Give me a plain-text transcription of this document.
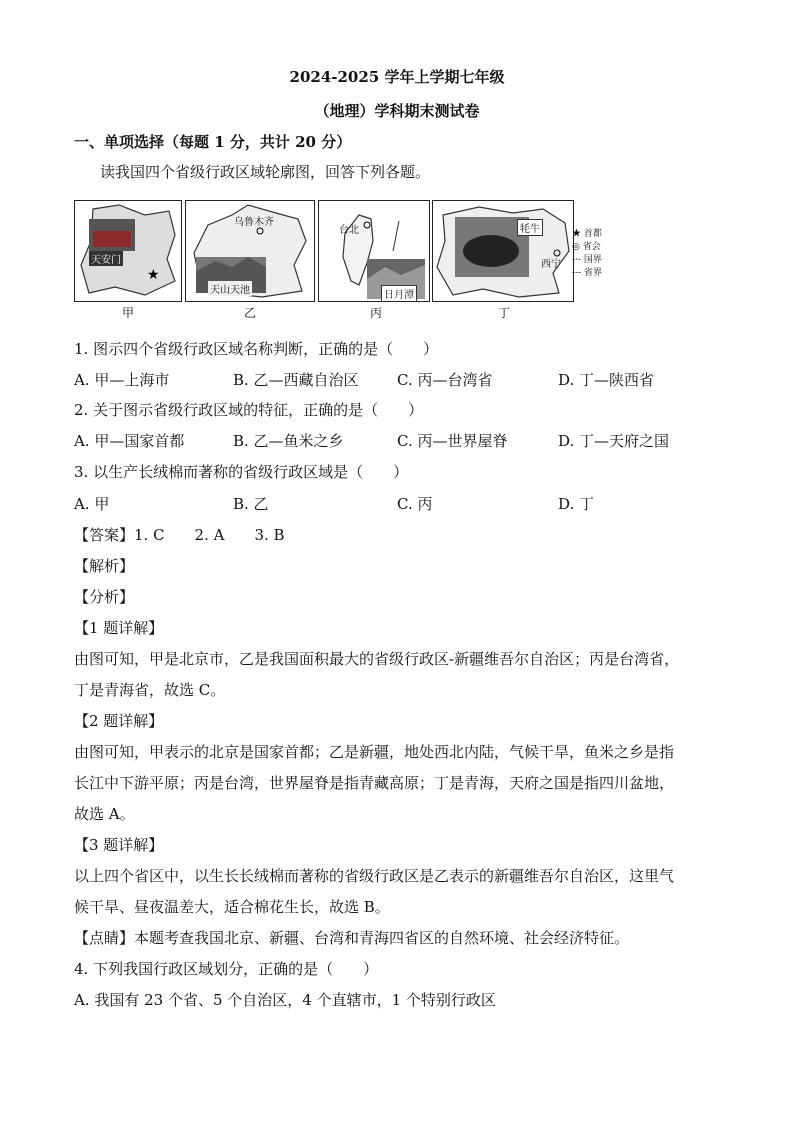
2024-2025 学年上学期七年级
（地理）学科期末测试卷
一、单项选择（每题 1 分，共计 20 分）
读我国四个省级行政区域轮廓图，回答下列各题。
★
天安门
乌鲁木齐
天山天池
台北
日月潭
牦牛
西宁
甲	乙	丙	丁
★ 首都
◎ 省会
-·- 国界
--- 省界
1. 图示四个省级行政区域名称判断，正确的是（　　）
A. 甲—上海市	B. 乙—西藏自治区	C. 丙—台湾省	D. 丁—陕西省
2. 关于图示省级行政区域的特征，正确的是（　　）
A. 甲—国家首都	B. 乙—鱼米之乡	C. 丙—世界屋脊	D. 丁—天府之国
3. 以生产长绒棉而著称的省级行政区域是（　　）
A. 甲	B. 乙	C. 丙	D. 丁
【答案】1. C　　2. A　　3. B
【解析】
【分析】
【1 题详解】
由图可知，甲是北京市，乙是我国面积最大的省级行政区-新疆维吾尔自治区；丙是台湾省，
丁是青海省，故选 C。
【2 题详解】
由图可知，甲表示的北京是国家首都；乙是新疆，地处西北内陆，气候干旱，鱼米之乡是指
长江中下游平原；丙是台湾，世界屋脊是指青藏高原；丁是青海，天府之国是指四川盆地，
故选 A。
【3 题详解】
以上四个省区中，以生长长绒棉而著称的省级行政区是乙表示的新疆维吾尔自治区，这里气
候干旱、昼夜温差大，适合棉花生长，故选 B。
【点睛】本题考查我国北京、新疆、台湾和青海四省区的自然环境、社会经济特征。
4. 下列我国行政区域划分，正确的是（　　）
A. 我国有 23 个省、5 个自治区，4 个直辖市，1 个特别行政区
